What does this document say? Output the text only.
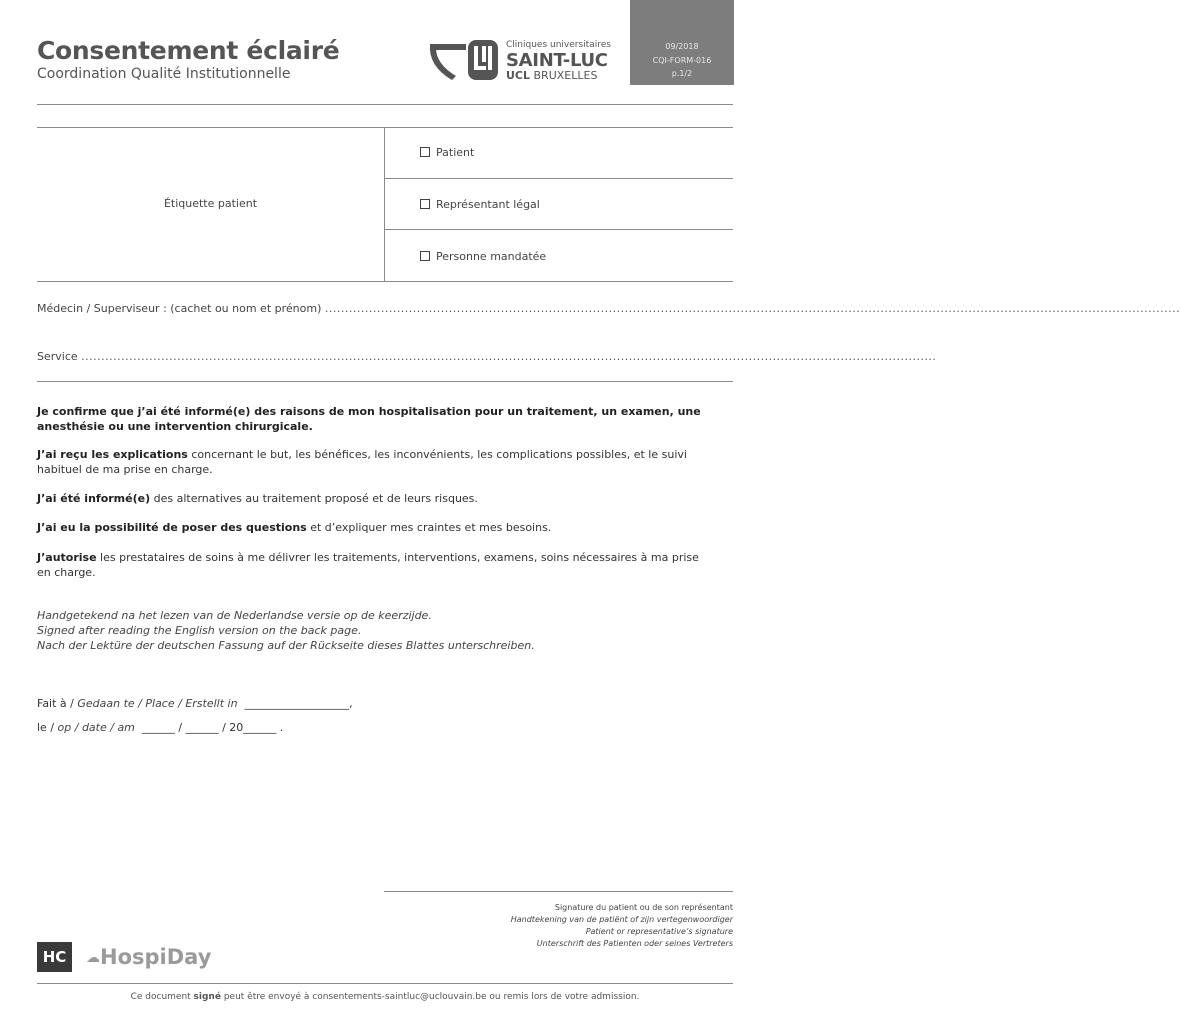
Consentement éclairé
Coordination Qualité Institutionnelle
Cliniques universitaires
SAINT-LUC
UCL BRUXELLES
09/2018
CQI-FORM-016
p.1/2
Étiquette patient
Patient
Représentant légal
Personne mandatée
Médecin / Superviseur : (cachet ou nom et prénom) ......................................................................................................................................................................................................................
Service ......................................................................................................................................................................................................................
Je confirme que j’ai été informé(e) des raisons de mon hospitalisation pour un traitement, un examen, une anesthésie ou une intervention chirurgicale.
J’ai reçu les explications concernant le but, les bénéfices, les inconvénients, les complications possibles, et le suivi habituel de ma prise en charge.
J’ai été informé(e) des alternatives au traitement proposé et de leurs risques.
J’ai eu la possibilité de poser des questions et d’expliquer mes craintes et mes besoins.
J’autorise les prestataires de soins à me délivrer les traitements, interventions, examens, soins nécessaires à ma prise en charge.
Handgetekend na het lezen van de Nederlandse versie op de keerzijde.
Signed after reading the English version on the back page.
Nach der Lektüre der deutschen Fassung auf der Rückseite dieses Blattes unterschreiben.
Fait à / Gedaan te / Place / Erstellt in ___________________,
le / op / date / am ______ / ______ / 20______ .
Signature du patient ou de son représentant
Handtekening van de patiënt of zijn vertegenwoordiger
Patient or representative’s signature
Unterschrift des Patienten oder seines Vertreters
HC	☁HospiDay
Ce document signé peut être envoyé à consentements-saintluc@uclouvain.be ou remis lors de votre admission.
